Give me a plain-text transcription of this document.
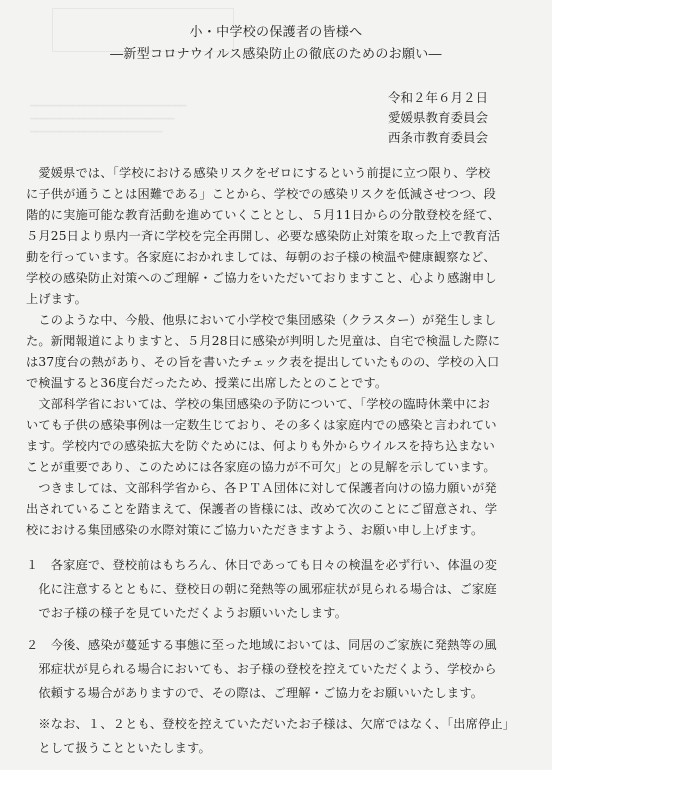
━━━━━━━━━━━━━━━━━━━━━━━━━━
━━━━━━━━━━━━━━━━━━━━━━━━
━━━━━━━━━━━━━━━━━━━━━━
小・中学校の保護者の皆様へ
―新型コロナウイルス感染防止の徹底のためのお願い―
令和２年６月２日
愛媛県教育委員会
西条市教育委員会
　愛媛県では、「学校における感染リスクをゼロにするという前提に立つ限り、学校
に子供が通うことは困難である」ことから、学校での感染リスクを低減させつつ、段
階的に実施可能な教育活動を進めていくこととし、５月11日からの分散登校を経て、
５月25日より県内一斉に学校を完全再開し、必要な感染防止対策を取った上で教育活
動を行っています。各家庭におかれましては、毎朝のお子様の検温や健康観察など、
学校の感染防止対策へのご理解・ご協力をいただいておりますこと、心より感謝申し
上げます。
　このような中、今般、他県において小学校で集団感染（クラスター）が発生しまし
た。新聞報道によりますと、５月28日に感染が判明した児童は、自宅で検温した際に
は37度台の熱があり、その旨を書いたチェック表を提出していたものの、学校の入口
で検温すると36度台だったため、授業に出席したとのことです。
　文部科学省においては、学校の集団感染の予防について、「学校の臨時休業中にお
いても子供の感染事例は一定数生じており、その多くは家庭内での感染と言われてい
ます。学校内での感染拡大を防ぐためには、何よりも外からウイルスを持ち込まない
ことが重要であり、このためには各家庭の協力が不可欠」との見解を示しています。
　つきましては、文部科学省から、各ＰＴＡ団体に対して保護者向けの協力願いが発
出されていることを踏まえて、保護者の皆様には、改めて次のことにご留意され、学
校における集団感染の水際対策にご協力いただきますよう、お願い申し上げます。
１　各家庭で、登校前はもちろん、休日であっても日々の検温を必ず行い、体温の変
　化に注意するとともに、登校日の朝に発熱等の風邪症状が見られる場合は、ご家庭
　でお子様の様子を見ていただくようお願いいたします。
２　今後、感染が蔓延する事態に至った地域においては、同居のご家族に発熱等の風
　邪症状が見られる場合においても、お子様の登校を控えていただくよう、学校から
　依頼する場合がありますので、その際は、ご理解・ご協力をお願いいたします。
　※なお、１、２とも、登校を控えていただいたお子様は、欠席ではなく、「出席停止」
　として扱うことといたします。
